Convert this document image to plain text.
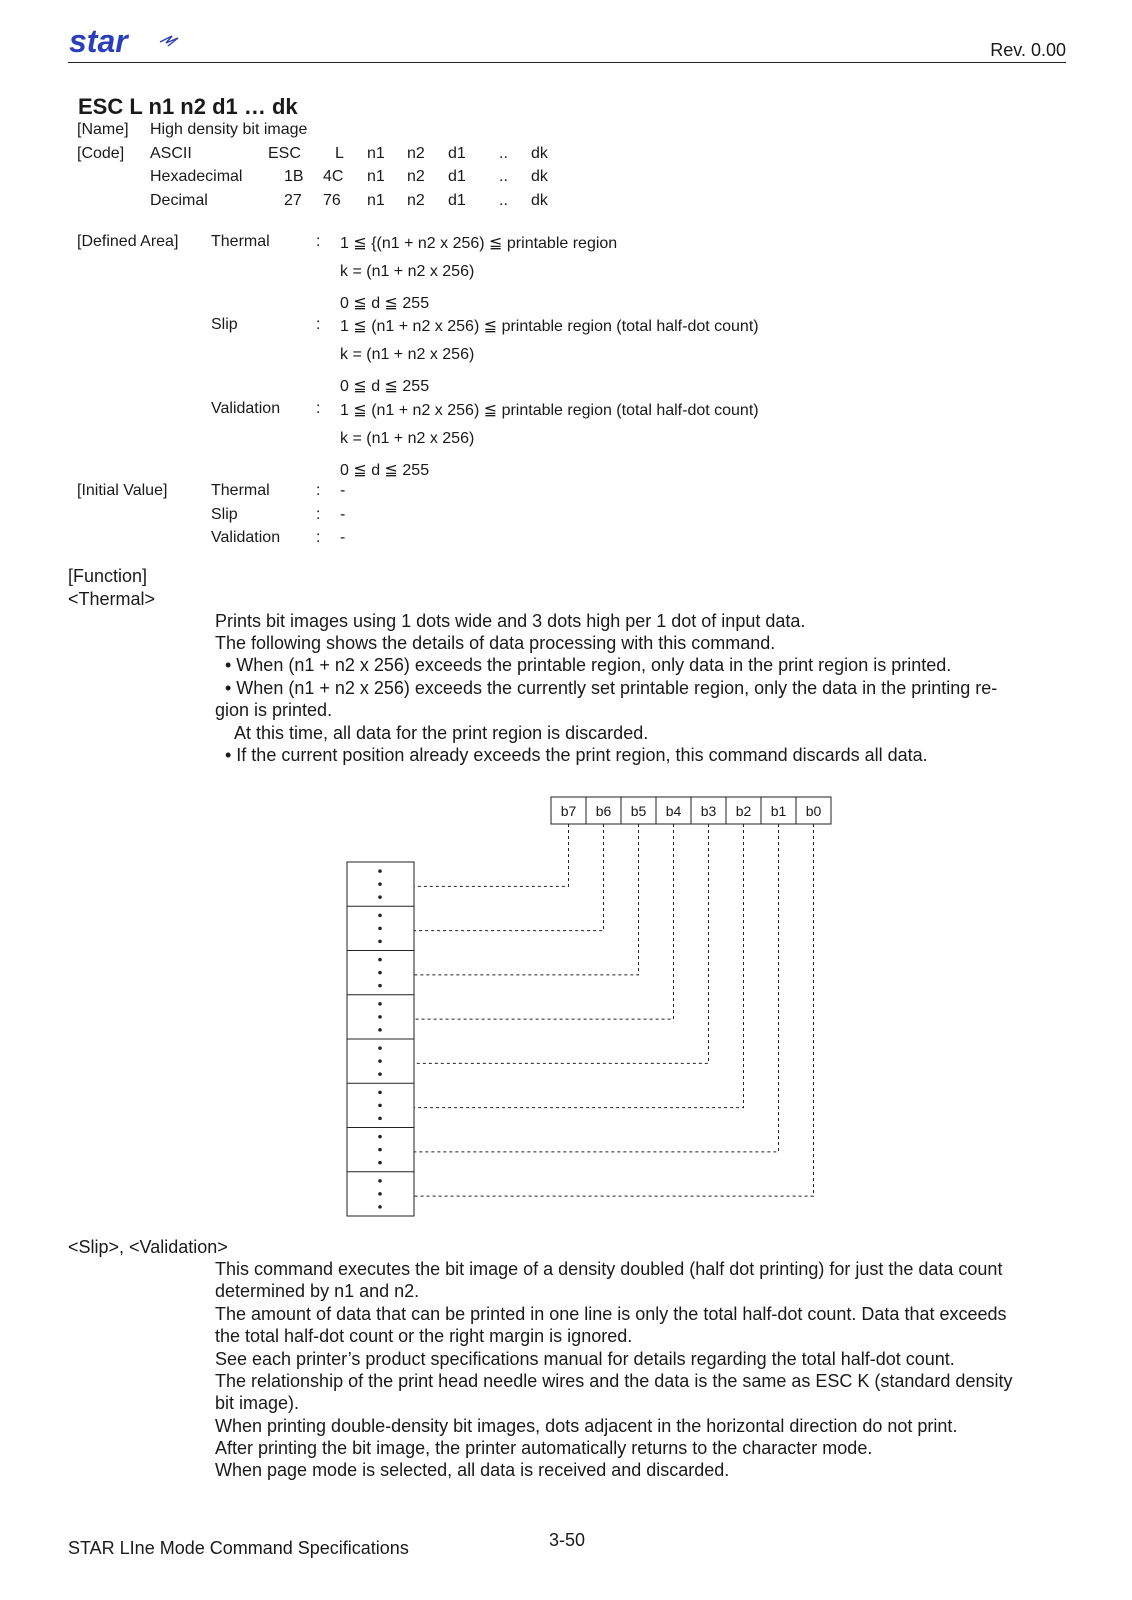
star	Rev. 0.00
ESC L n1 n2 d1 … dk
[Name] High density bit image
[Code] ASCII	ESC L n1 n2 d1 .. dk
Hexadecimal	1B 4C n1 n2 d1 .. dk
Decimal	27 76 n1 n2 d1 .. dk
[Defined Area] Thermal	: 1 ≦ {(n1 + n2 x 256) ≦ printable region
k = (n1 + n2 x 256)
0 ≦ d ≦ 255
Slip	: 1 ≦ (n1 + n2 x 256) ≦ printable region (total half-dot count)
k = (n1 + n2 x 256)
0 ≦ d ≦ 255
Validation : 1 ≦ (n1 + n2 x 256) ≦ printable region (total half-dot count)
k = (n1 + n2 x 256)
0 ≦ d ≦ 255
[Initial Value]	Thermal	: -
Slip	: -
Validation : -
[Function]
<Thermal>
Prints bit images using 1 dots wide and 3 dots high per 1 dot of input data.
The following shows the details of data processing with this command.
• When (n1 + n2 x 256) exceeds the printable region, only data in the print region is printed.
• When (n1 + n2 x 256) exceeds the currently set printable region, only the data in the printing re-
gion is printed.
At this time, all data for the print region is discarded.
• If the current position already exceeds the print region, this command discards all data.
b7 b6 b5 b4 b3 b2 b1 b0
<Slip>, <Validation>
This command executes the bit image of a density doubled (half dot printing) for just the data count
determined by n1 and n2.
The amount of data that can be printed in one line is only the total half-dot count. Data that exceeds
the total half-dot count or the right margin is ignored.
See each printer’s product specifications manual for details regarding the total half-dot count.
The relationship of the print head needle wires and the data is the same as ESC K (standard density
bit image).
When printing double-density bit images, dots adjacent in the horizontal direction do not print.
After printing the bit image, the printer automatically returns to the character mode.
When page mode is selected, all data is received and discarded.
STAR LIne Mode Command Specifications	3-50
